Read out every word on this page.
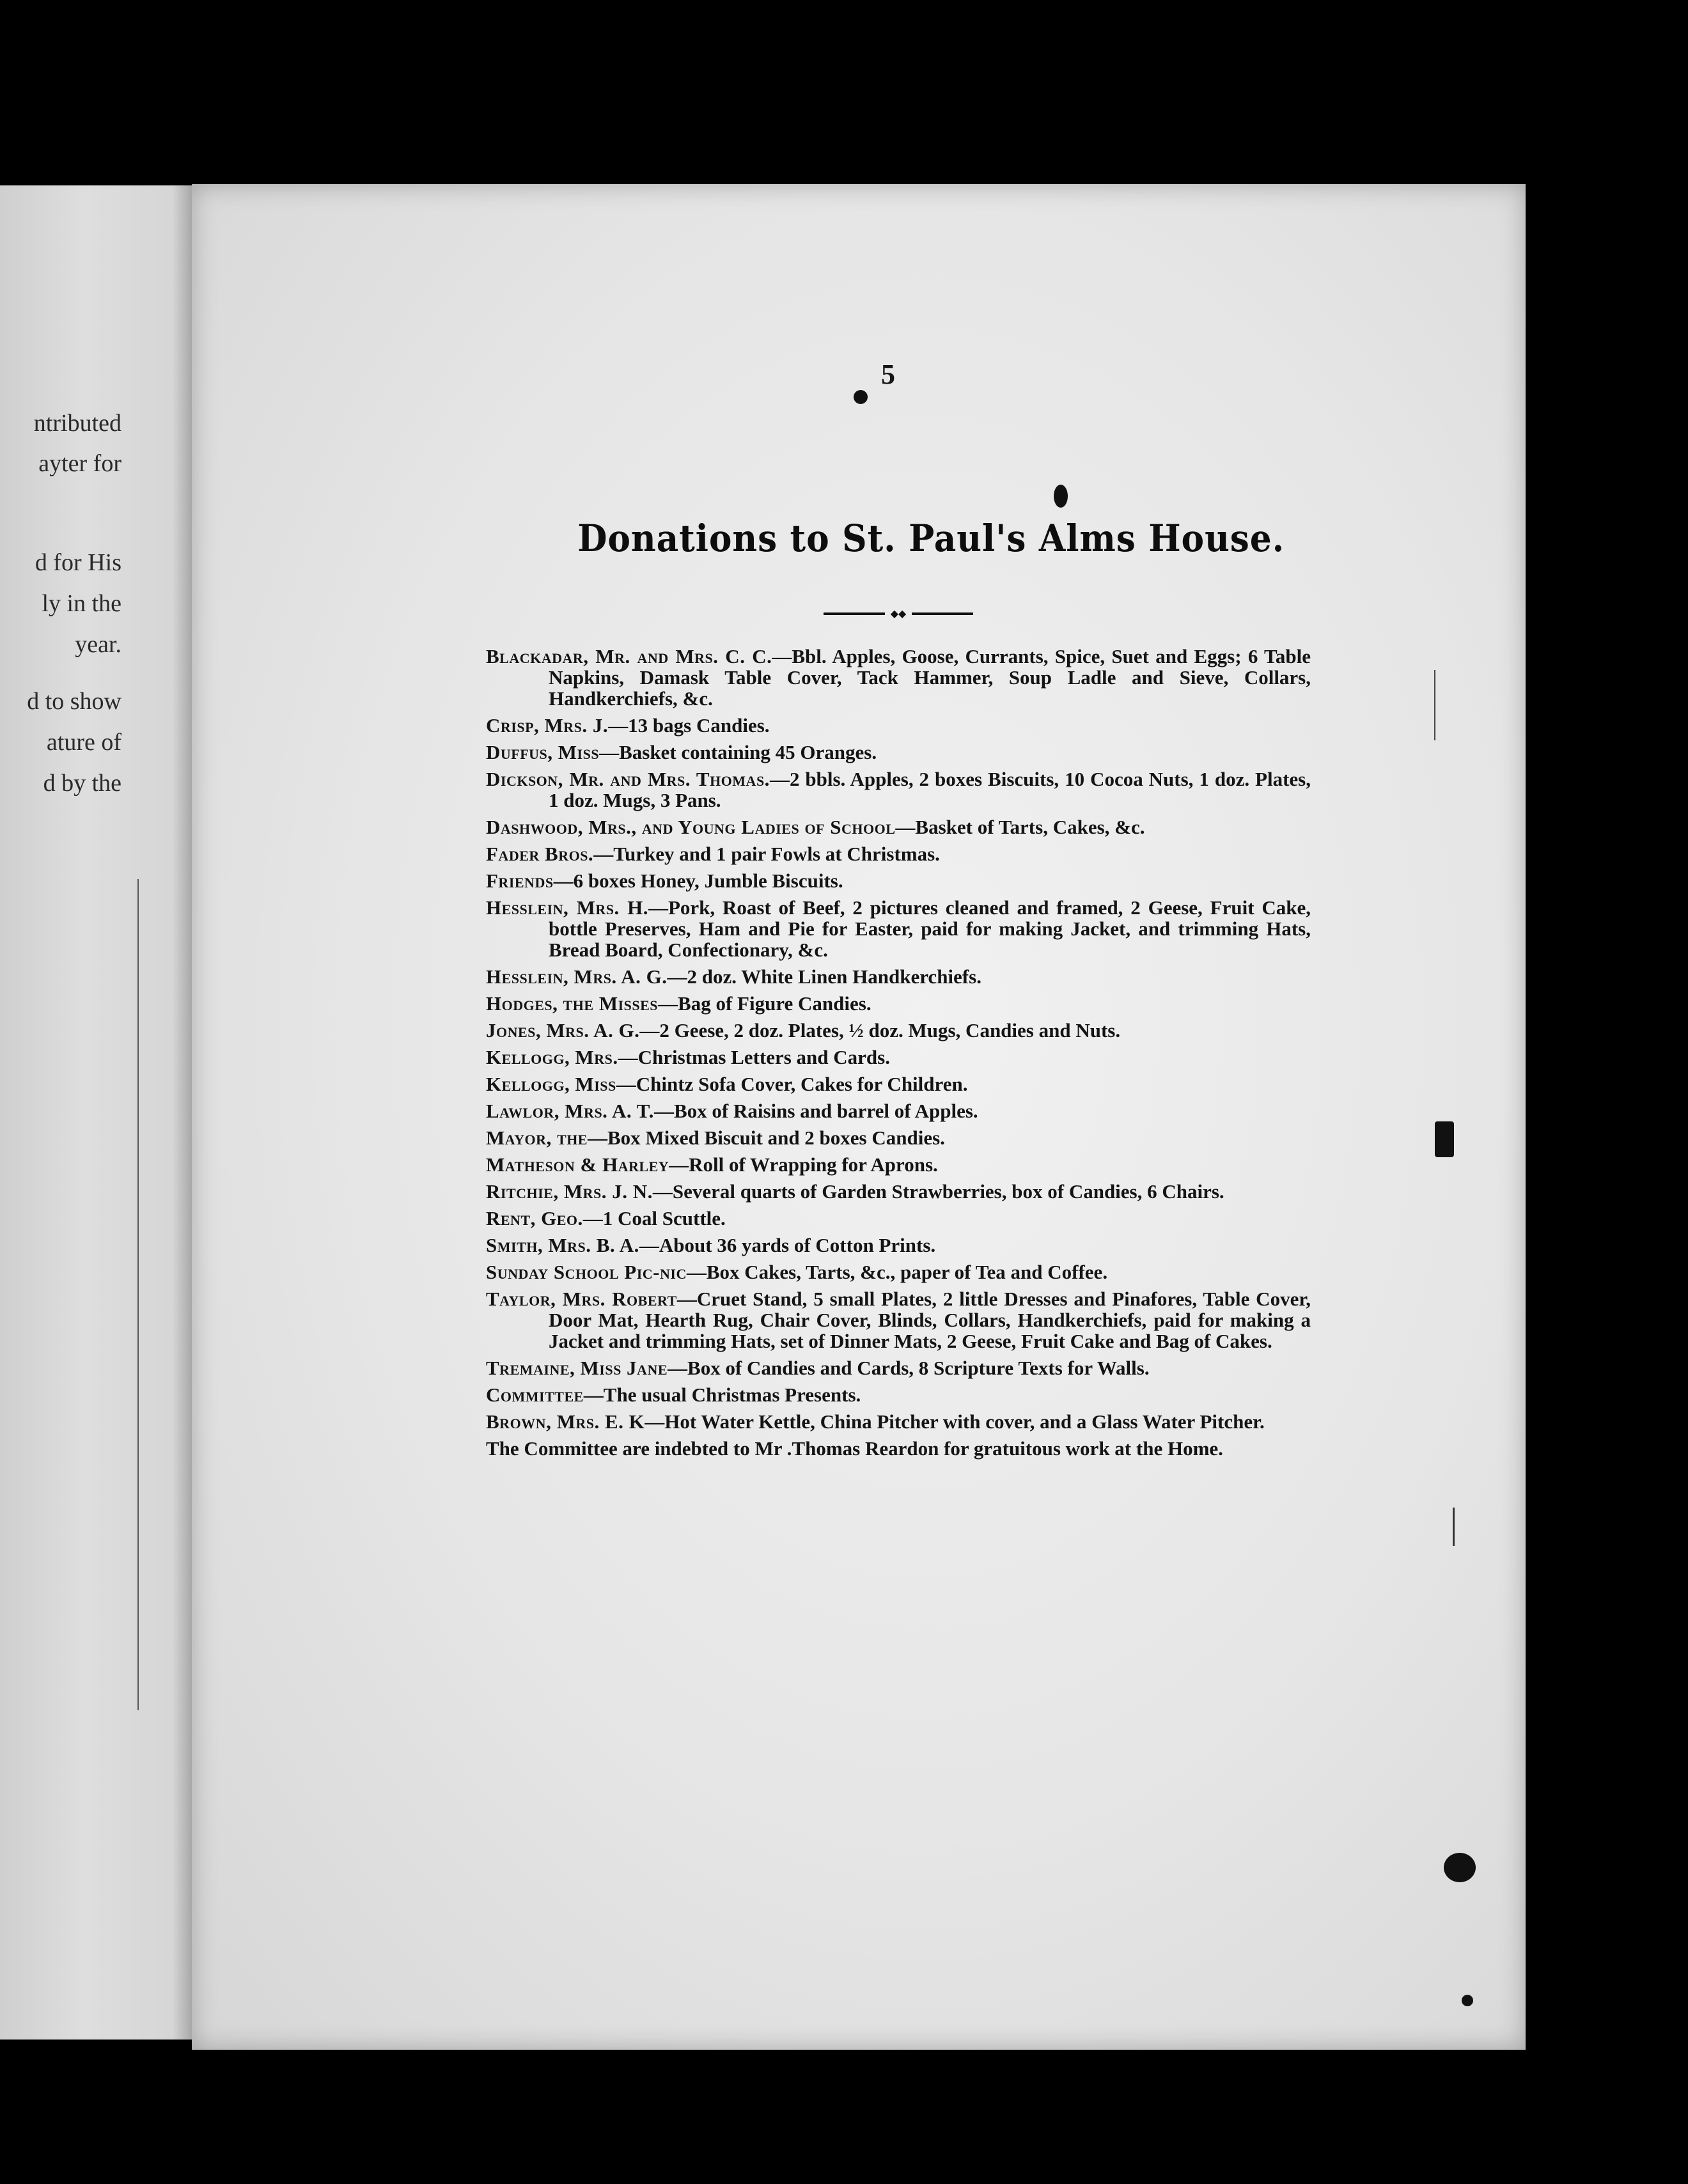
ntributed
ayter for
d for His
ly in the
year.
d to show
ature of
d by the
5
Donations to St. Paul's Alms House.
◆◆
Blackadar, Mr. and Mrs. C. C.—Bbl. Apples, Goose, Currants, Spice, Suet and Eggs; 6 Table Napkins, Damask Table Cover, Tack Hammer, Soup Ladle and Sieve, Collars, Handkerchiefs, &c.
Crisp, Mrs. J.—13 bags Candies.
Duffus, Miss—Basket containing 45 Oranges.
Dickson, Mr. and Mrs. Thomas.—2 bbls. Apples, 2 boxes Biscuits, 10 Cocoa Nuts, 1 doz. Plates, 1 doz. Mugs, 3 Pans.
Dashwood, Mrs., and Young Ladies of School—Basket of Tarts, Cakes, &c.
Fader Bros.—Turkey and 1 pair Fowls at Christmas.
Friends—6 boxes Honey, Jumble Biscuits.
Hesslein, Mrs. H.—Pork, Roast of Beef, 2 pictures cleaned and framed, 2 Geese, Fruit Cake, bottle Preserves, Ham and Pie for Easter, paid for making Jacket, and trimming Hats, Bread Board, Confectionary, &c.
Hesslein, Mrs. A. G.—2 doz. White Linen Handkerchiefs.
Hodges, the Misses—Bag of Figure Candies.
Jones, Mrs. A. G.—2 Geese, 2 doz. Plates, ½ doz. Mugs, Candies and Nuts.
Kellogg, Mrs.—Christmas Letters and Cards.
Kellogg, Miss—Chintz Sofa Cover, Cakes for Children.
Lawlor, Mrs. A. T.—Box of Raisins and barrel of Apples.
Mayor, the—Box Mixed Biscuit and 2 boxes Candies.
Matheson & Harley—Roll of Wrapping for Aprons.
Ritchie, Mrs. J. N.—Several quarts of Garden Strawberries, box of Candies, 6 Chairs.
Rent, Geo.—1 Coal Scuttle.
Smith, Mrs. B. A.—About 36 yards of Cotton Prints.
Sunday School Pic-nic—Box Cakes, Tarts, &c., paper of Tea and Coffee.
Taylor, Mrs. Robert—Cruet Stand, 5 small Plates, 2 little Dresses and Pinafores, Table Cover, Door Mat, Hearth Rug, Chair Cover, Blinds, Collars, Handkerchiefs, paid for making a Jacket and trimming Hats, set of Dinner Mats, 2 Geese, Fruit Cake and Bag of Cakes.
Tremaine, Miss Jane—Box of Candies and Cards, 8 Scripture Texts for Walls.
Committee—The usual Christmas Presents.
Brown, Mrs. E. K—Hot Water Kettle, China Pitcher with cover, and a Glass Water Pitcher.
The Committee are indebted to Mr .Thomas Reardon for gratuitous work at the Home.
